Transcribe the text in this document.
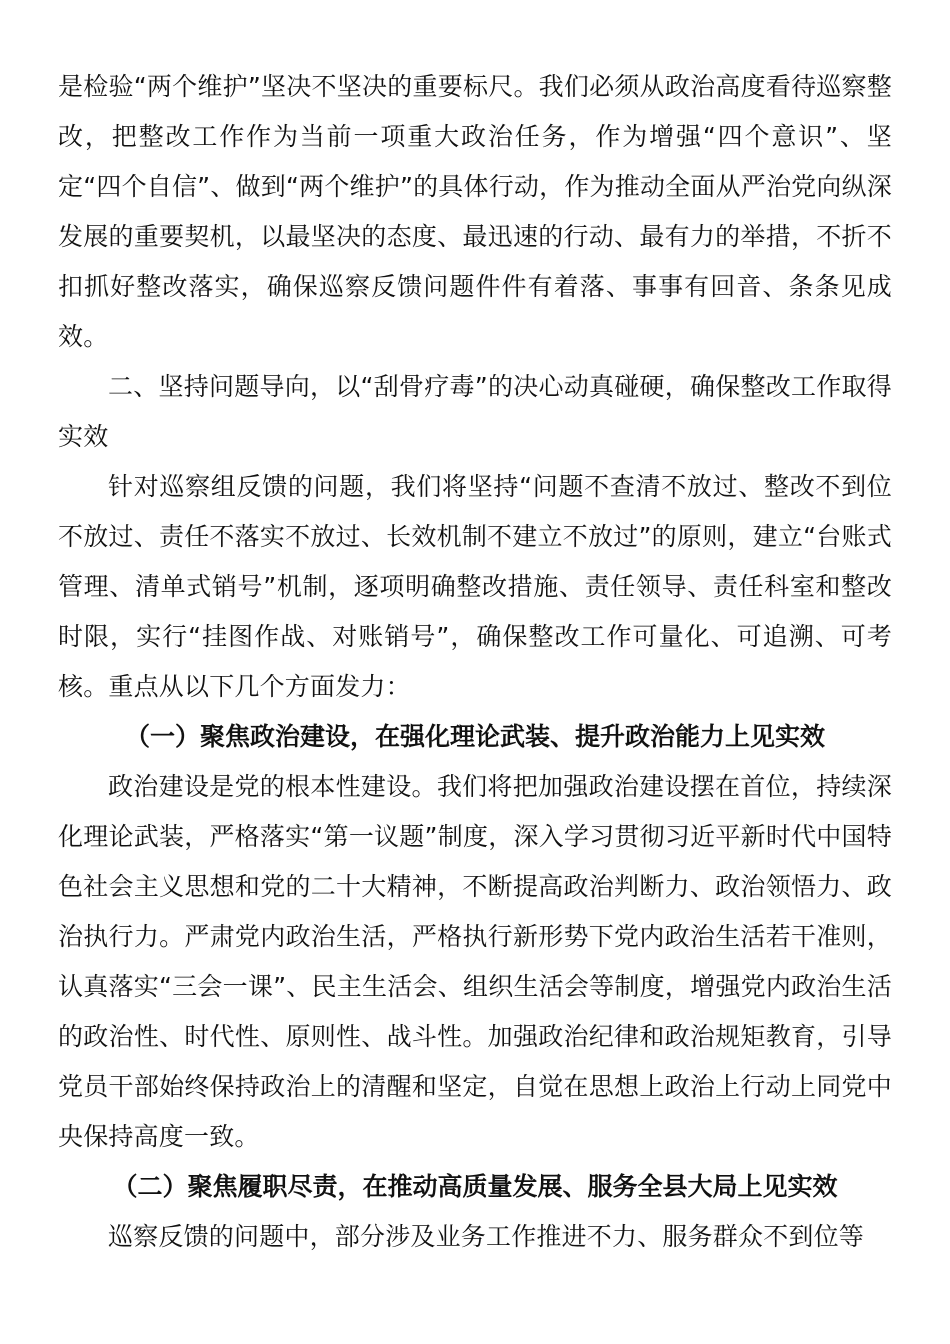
是检验“两个维护”坚决不坚决的重要标尺。我们必须从政治高度看待巡察整改，把整改工作作为当前一项重大政治任务，作为增强“四个意识”、坚定“四个自信”、做到“两个维护”的具体行动，作为推动全面从严治党向纵深发展的重要契机，以最坚决的态度、最迅速的行动、最有力的举措，不折不扣抓好整改落实，确保巡察反馈问题件件有着落、事事有回音、条条见成效。

二、坚持问题导向，以“刮骨疗毒”的决心动真碰硬，确保整改工作取得实效

针对巡察组反馈的问题，我们将坚持“问题不查清不放过、整改不到位不放过、责任不落实不放过、长效机制不建立不放过”的原则，建立“台账式管理、清单式销号”机制，逐项明确整改措施、责任领导、责任科室和整改时限，实行“挂图作战、对账销号”，确保整改工作可量化、可追溯、可考核。重点从以下几个方面发力：

（一）聚焦政治建设，在强化理论武装、提升政治能力上见实效

政治建设是党的根本性建设。我们将把加强政治建设摆在首位，持续深化理论武装，严格落实“第一议题”制度，深入学习贯彻习近平新时代中国特色社会主义思想和党的二十大精神，不断提高政治判断力、政治领悟力、政治执行力。严肃党内政治生活，严格执行新形势下党内政治生活若干准则，认真落实“三会一课”、民主生活会、组织生活会等制度，增强党内政治生活的政治性、时代性、原则性、战斗性。加强政治纪律和政治规矩教育，引导党员干部始终保持政治上的清醒和坚定，自觉在思想上政治上行动上同党中央保持高度一致。

（二）聚焦履职尽责，在推动高质量发展、服务全县大局上见实效

巡察反馈的问题中，部分涉及业务工作推进不力、服务群众不到位等
